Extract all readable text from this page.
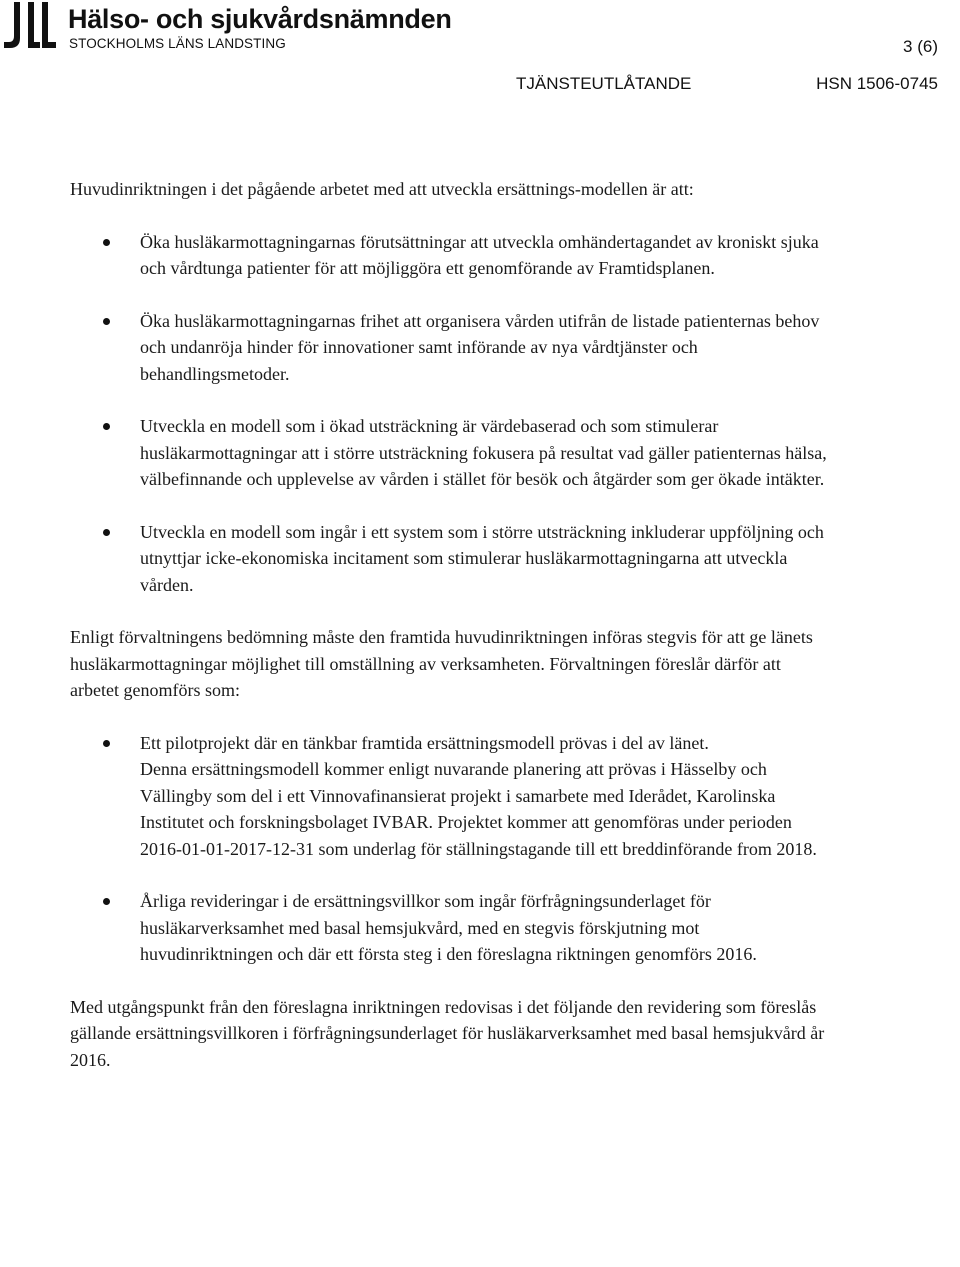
Hälso- och sjukvårdsnämnden
STOCKHOLMS LÄNS LANDSTING	3 (6)
TJÄNSTEUTLÅTANDE	HSN 1506-0745

Huvudinriktningen i det pågående arbetet med att utveckla ersättnings-modellen är att:

Öka husläkarmottagningarnas förutsättningar att utveckla omhändertagandet av kroniskt sjuka och vårdtunga patienter för att möjliggöra ett genomförande av Framtidsplanen.
Öka husläkarmottagningarnas frihet att organisera vården utifrån de listade patienternas behov och undanröja hinder för innovationer samt införande av nya vårdtjänster och behandlingsmetoder.
Utveckla en modell som i ökad utsträckning är värdebaserad och som stimulerar husläkarmottagningar att i större utsträckning fokusera på resultat vad gäller patienternas hälsa, välbefinnande och upplevelse av vården i stället för besök och åtgärder som ger ökade intäkter.
Utveckla en modell som ingår i ett system som i större utsträckning inkluderar uppföljning och utnyttjar icke-ekonomiska incitament som stimulerar husläkarmottagningarna att utveckla vården.

Enligt förvaltningens bedömning måste den framtida huvudinriktningen införas stegvis för att ge länets husläkarmottagningar möjlighet till omställning av verksamheten. Förvaltningen föreslår därför att arbetet genomförs som:

Ett pilotprojekt där en tänkbar framtida ersättningsmodell prövas i del av länet.
Denna ersättningsmodell kommer enligt nuvarande planering att prövas i Hässelby och Vällingby som del i ett Vinnovafinansierat projekt i samarbete med Iderådet, Karolinska Institutet och forskningsbolaget IVBAR. Projektet kommer att genomföras under perioden 2016-01-01-2017-12-31 som underlag för ställningstagande till ett breddinförande from 2018.
Årliga revideringar i de ersättningsvillkor som ingår förfrågningsunderlaget för husläkarverksamhet med basal hemsjukvård, med en stegvis förskjutning mot huvudinriktningen och där ett första steg i den föreslagna riktningen genomförs 2016.

Med utgångspunkt från den föreslagna inriktningen redovisas i det följande den revidering som föreslås gällande ersättningsvillkoren i förfrågningsunderlaget för husläkarverksamhet med basal hemsjukvård år 2016.
